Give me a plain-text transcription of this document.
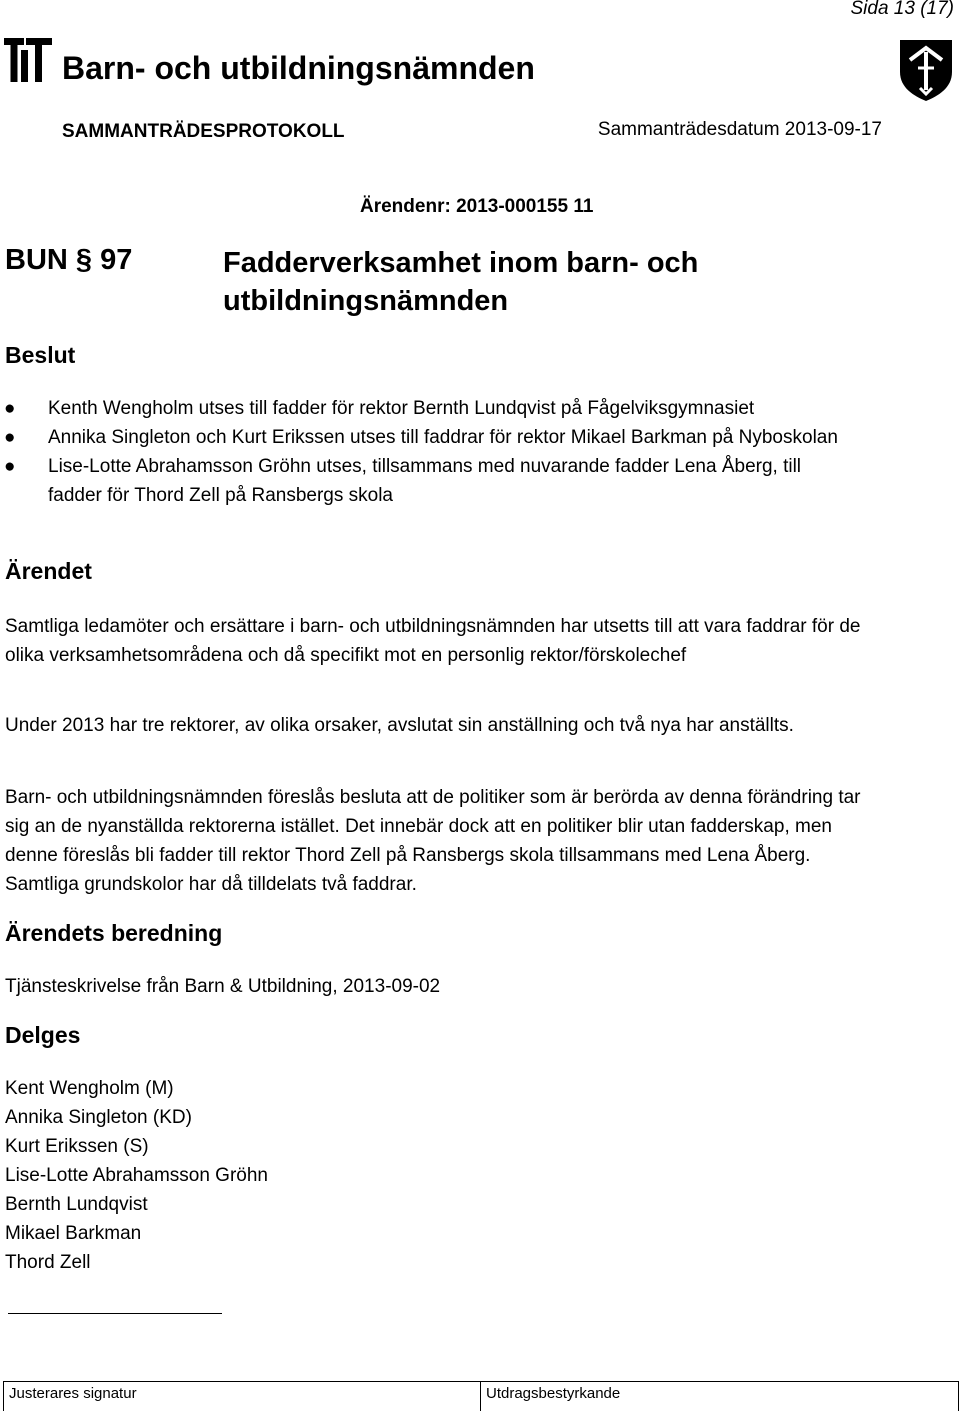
Sida 13 (17)
Barn- och utbildningsnämnden
SAMMANTRÄDESPROTOKOLL	Sammanträdesdatum 2013-09-17
Ärendenr: 2013-000155 11
BUN § 97	Fadderverksamhet inom barn- och
utbildningsnämnden
Beslut
● Kenth Wengholm utses till fadder för rektor Bernth Lundqvist på Fågelviksgymnasiet
● Annika Singleton och Kurt Erikssen utses till faddrar för rektor Mikael Barkman på Nyboskolan
● Lise-Lotte Abrahamsson Gröhn utses, tillsammans med nuvarande fadder Lena Åberg, till fadder för Thord Zell på Ransbergs skola
Ärendet

Samtliga ledamöter och ersättare i barn- och utbildningsnämnden har utsetts till att vara faddrar för de olika verksamhetsområdena och då specifikt mot en personlig rektor/förskolechef

Under 2013 har tre rektorer, av olika orsaker, avslutat sin anställning och två nya har anställts.

Barn- och utbildningsnämnden föreslås besluta att de politiker som är berörda av denna förändring tar sig an de nyanställda rektorerna istället. Det innebär dock att en politiker blir utan fadderskap, men denne föreslås bli fadder till rektor Thord Zell på Ransbergs skola tillsammans med Lena Åberg. Samtliga grundskolor har då tilldelats två faddrar.

Ärendets beredning

Tjänsteskrivelse från Barn & Utbildning, 2013-09-02

Delges
Kent Wengholm (M)
Annika Singleton (KD)
Kurt Erikssen (S)
Lise-Lotte Abrahamsson Gröhn
Bernth Lundqvist
Mikael Barkman
Thord Zell
Justerares signatur	Utdragsbestyrkande
